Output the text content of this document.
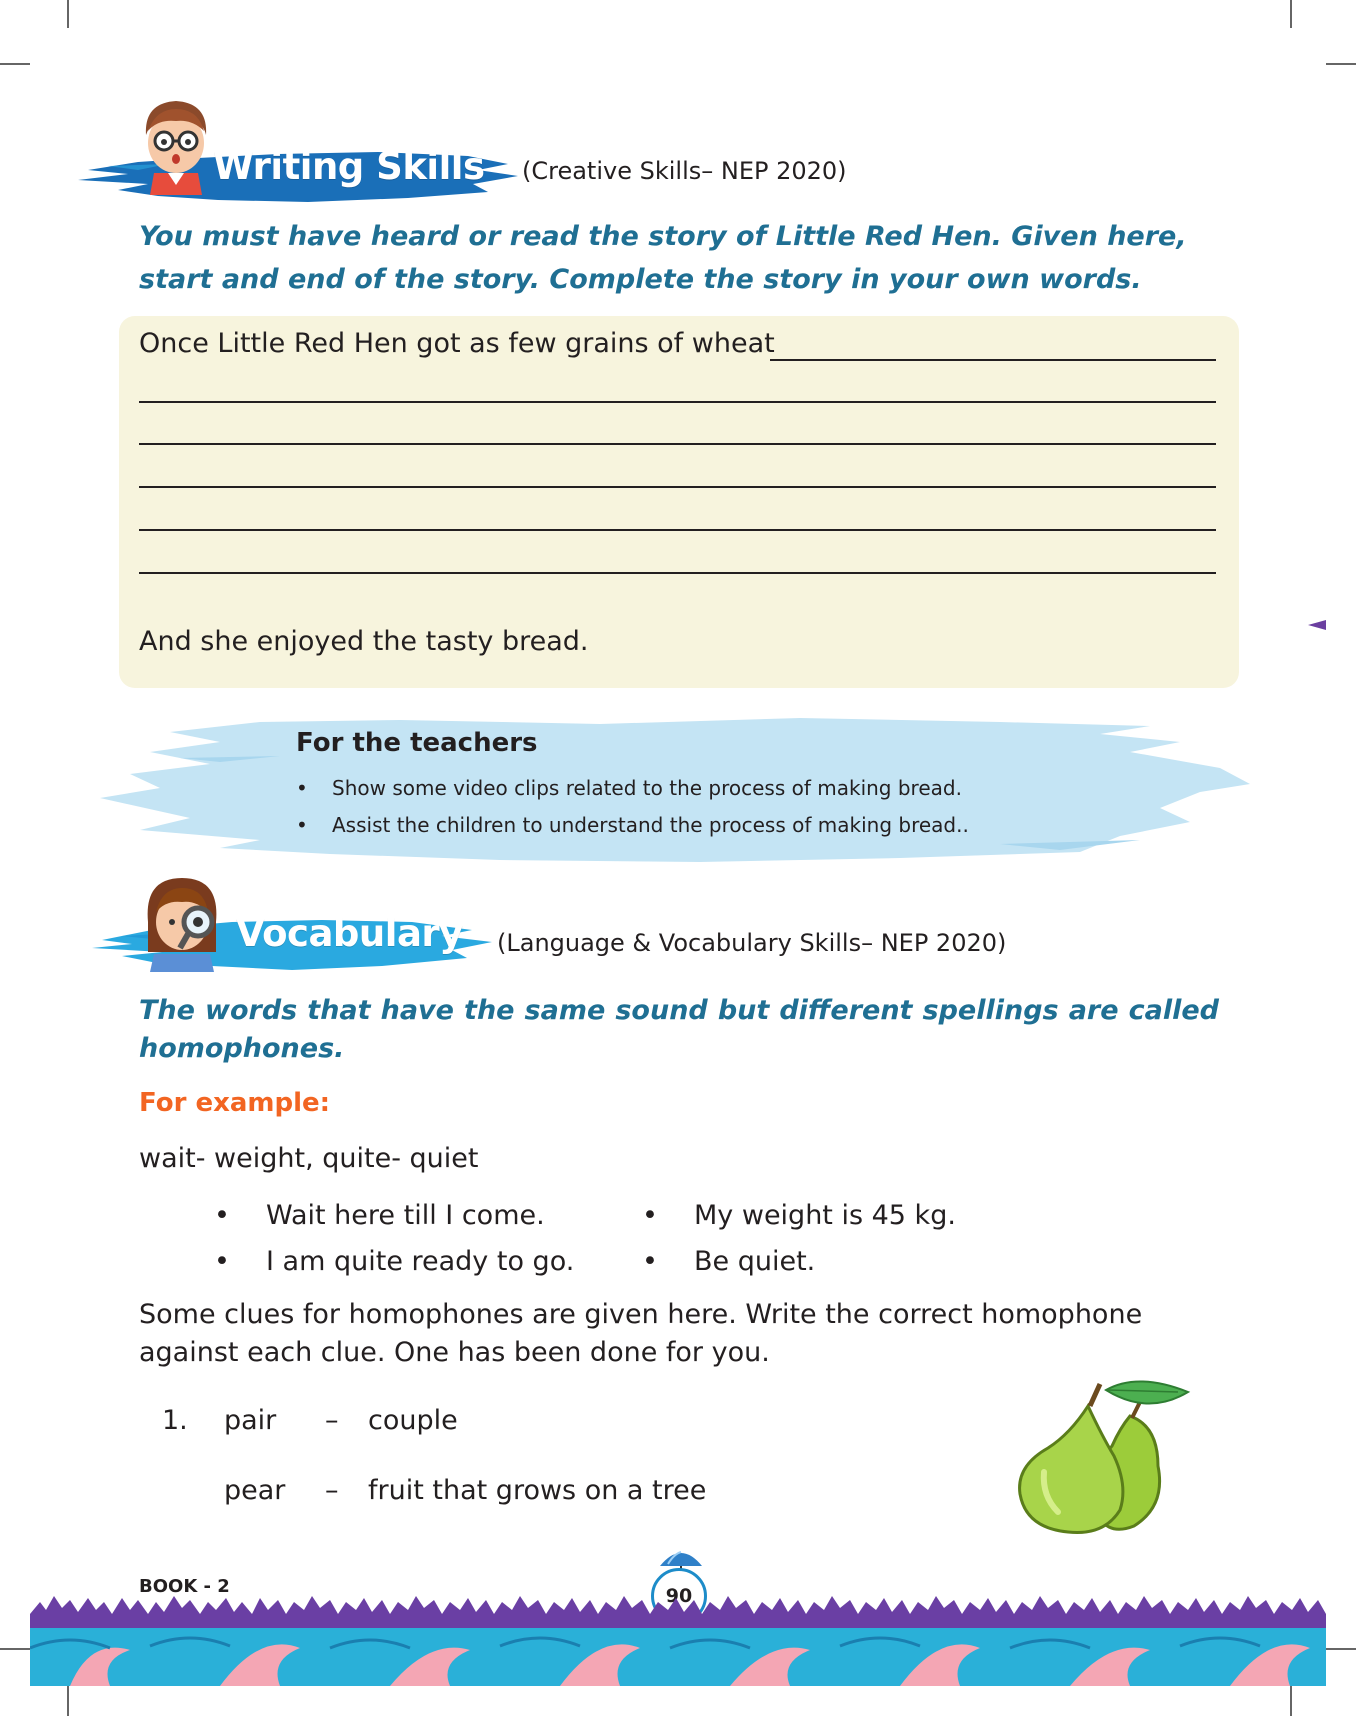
Writing Skills (Creative Skills– NEP 2020)
You must have heard or read the story of Little Red Hen. Given here, start and end of the story. Complete the story in your own words.
Once Little Red Hen got as few grains of wheat
And she enjoyed the tasty bread.
For the teachers
• Show some video clips related to the process of making bread.
• Assist the children to understand the process of making bread..
Vocabulary (Language & Vocabulary Skills– NEP 2020)
The words that have the same sound but different spellings are called homophones.
For example:
wait- weight, quite- quiet
• Wait here till I come.
• I am quite ready to go.
• My weight is 45 kg.
• Be quiet.
Some clues for homophones are given here. Write the correct homophone against each clue. One has been done for you.
1. pair – couple
pear – fruit that grows on a tree
BOOK - 2	90
